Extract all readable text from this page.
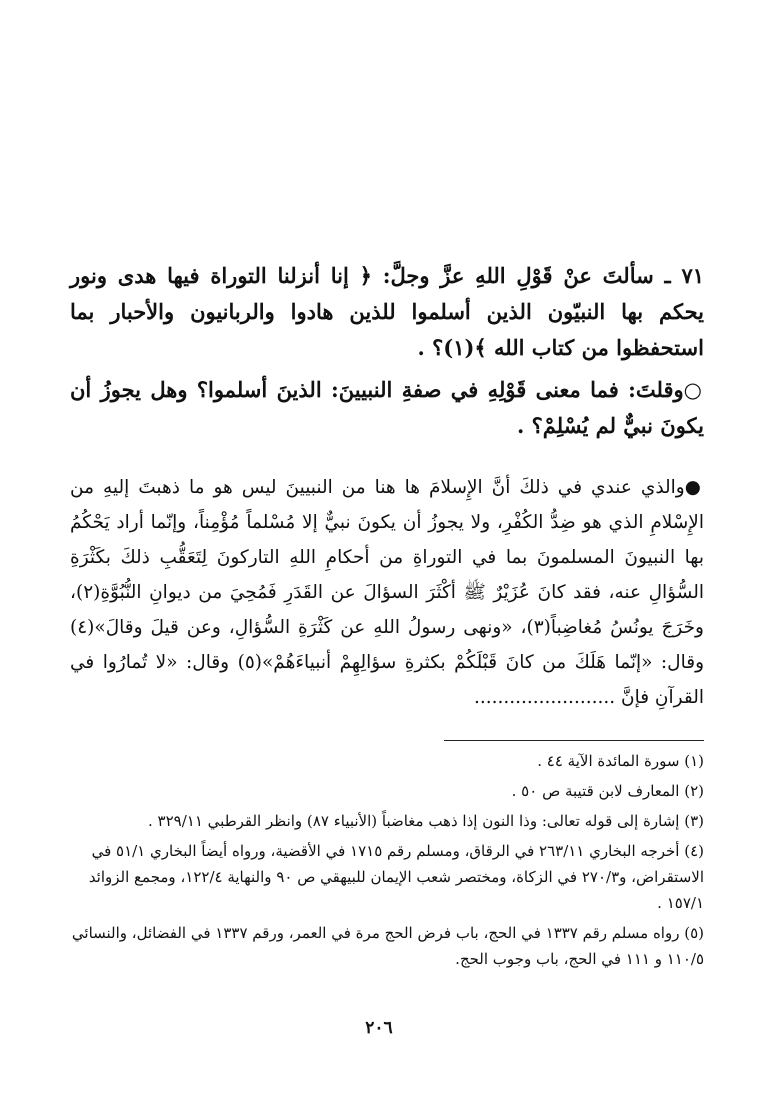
٧١ ـ سألتَ عنْ قَوْلِ اللهِ عزَّ وجلَّ: ﴿ إنا أنزلنا التوراة فيها هدى ونور يحكم بها النبيّون الذين أسلموا للذين هادوا والربانيون والأحبار بما استحفظوا من كتاب الله ﴾(١)؟ .
○وقلتَ: فما معنى قَوْلِهِ في صفةِ النبيينَ: الذينَ أسلموا؟ وهل يجوزُ أن يكونَ نبيٌّ لم يُسْلِمْ؟ .
●والذي عندي في ذلكَ أنَّ الإِسلامَ ها هنا من النبيينَ ليس هو ما ذهبتَ إليهِ من الإِسْلامِ الذي هو ضِدُّ الكُفْرِ، ولا يجوزُ أن يكونَ نبيٌّ إلا مُسْلماً مُؤْمِناً، وإنّما أراد يَحْكُمُ بها النبيونَ المسلمونَ بما في التوراةِ من أحكامِ اللهِ التاركونَ لِتَعَقُّبِ ذلكَ بكَثْرَةِ السُّؤالِ عنه، فقد كانَ عُزَيْرٌ ﷺ أكْثَرَ السؤالَ عن القَدَرِ فَمُحِيَ من ديوانِ النُّبُوَّةِ(٢)، وخَرَجَ يونُسُ مُغاضِباً(٣)، «ونهى رسولُ اللهِ عن كَثْرَةِ السُّؤالِ، وعن قيلَ وقالَ»(٤) وقال: «إنّما هَلَكَ من كانَ قَبْلَكُمْ بكثرةِ سؤالِهِمْ أنبياءَهُمْ»(٥) وقال: «لا تُمارُوا في القرآنِ فإنَّ ........................

(١) سورة المائدة الآية ٤٤ .

(٢) المعارف لابن قتيبة ص ٥٠ .

(٣) إشارة إلى قوله تعالى: وذا النون إذا ذهب مغاضباً (الأنبياء ٨٧) وانظر القرطبي ٣٢٩/١١ .

(٤) أخرجه البخاري ٢٦٣/١١ في الرقاق، ومسلم رقم ١٧١٥ في الأقضية، ورواه أيضاً البخاري ٥١/١ في الاستقراض، و٢٧٠/٣ في الزكاة، ومختصر شعب الإيمان للبيهقي ص ٩٠ والنهاية ١٢٢/٤، ومجمع الزوائد ١٥٧/١ .

(٥) رواه مسلم رقم ١٣٣٧ في الحج، باب فرض الحج مرة في العمر، ورقم ١٣٣٧ في الفضائل، والنسائي ١١٠/٥ و ١١١ في الحج، باب وجوب الحج.

٢٠٦
